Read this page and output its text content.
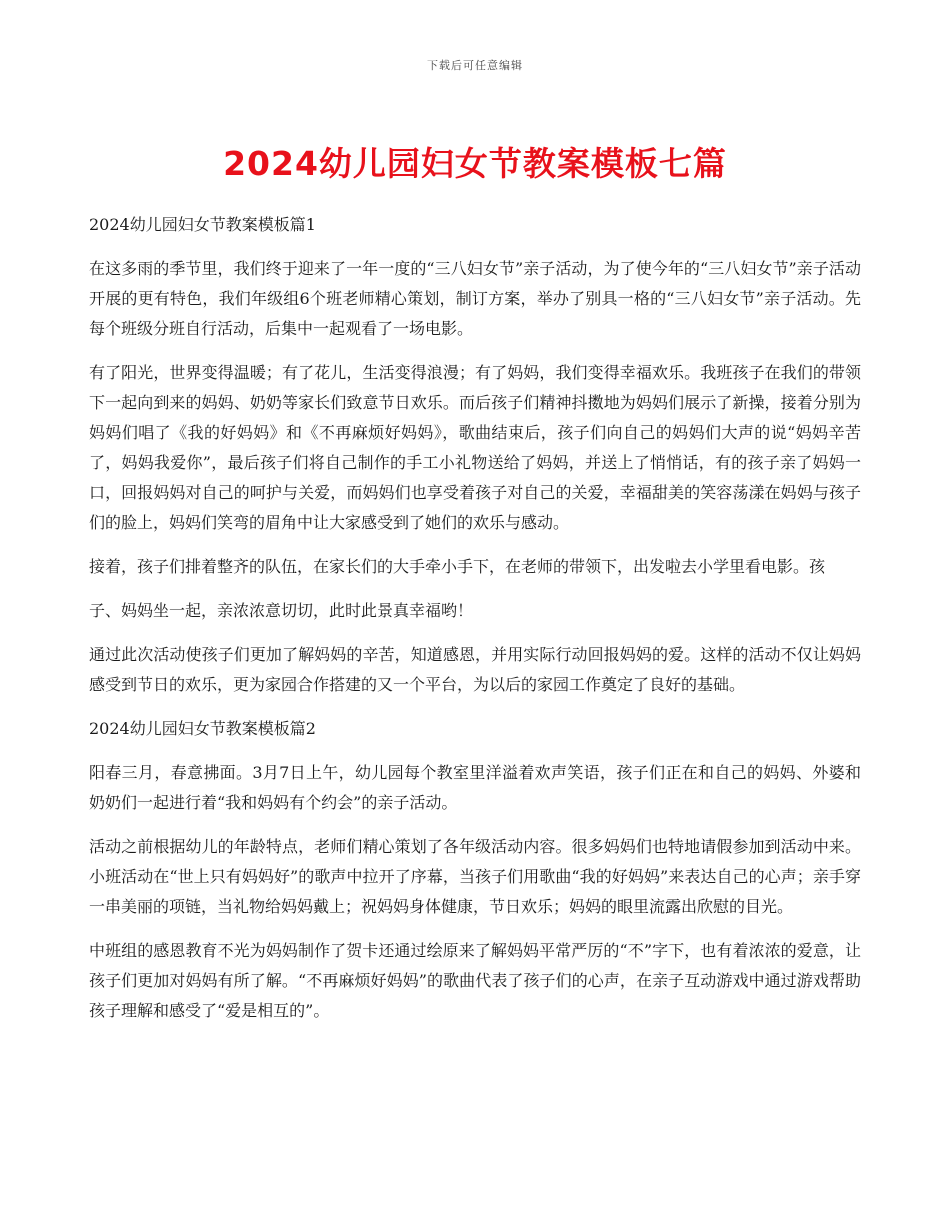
下载后可任意编辑
2024幼儿园妇女节教案模板七篇
2024幼儿园妇女节教案模板篇1

在这多雨的季节里，我们终于迎来了一年一度的“三八妇女节”亲子活动，为了使今年的“三八妇女节”亲子活动开展的更有特色，我们年级组6个班老师精心策划，制订方案，举办了别具一格的“三八妇女节”亲子活动。先每个班级分班自行活动，后集中一起观看了一场电影。

有了阳光，世界变得温暖；有了花儿，生活变得浪漫；有了妈妈，我们变得幸福欢乐。我班孩子在我们的带领下一起向到来的妈妈、奶奶等家长们致意节日欢乐。而后孩子们精神抖擞地为妈妈们展示了新操，接着分别为妈妈们唱了《我的好妈妈》和《不再麻烦好妈妈》，歌曲结束后，孩子们向自己的妈妈们大声的说“妈妈辛苦了，妈妈我爱你”，最后孩子们将自己制作的手工小礼物送给了妈妈，并送上了悄悄话，有的孩子亲了妈妈一口，回报妈妈对自己的呵护与关爱，而妈妈们也享受着孩子对自己的关爱，幸福甜美的笑容荡漾在妈妈与孩子们的脸上，妈妈们笑弯的眉角中让大家感受到了她们的欢乐与感动。

接着，孩子们排着整齐的队伍，在家长们的大手牵小手下，在老师的带领下，出发啦去小学里看电影。孩

子、妈妈坐一起，亲浓浓意切切，此时此景真幸福哟！

通过此次活动使孩子们更加了解妈妈的辛苦，知道感恩，并用实际行动回报妈妈的爱。这样的活动不仅让妈妈感受到节日的欢乐，更为家园合作搭建的又一个平台，为以后的家园工作奠定了良好的基础。

2024幼儿园妇女节教案模板篇2

阳春三月，春意拂面。3月7日上午，幼儿园每个教室里洋溢着欢声笑语，孩子们正在和自己的妈妈、外婆和奶奶们一起进行着“我和妈妈有个约会”的亲子活动。

活动之前根据幼儿的年龄特点，老师们精心策划了各年级活动内容。很多妈妈们也特地请假参加到活动中来。小班活动在“世上只有妈妈好”的歌声中拉开了序幕，当孩子们用歌曲“我的好妈妈”来表达自己的心声；亲手穿一串美丽的项链，当礼物给妈妈戴上；祝妈妈身体健康，节日欢乐；妈妈的眼里流露出欣慰的目光。

中班组的感恩教育不光为妈妈制作了贺卡还通过绘原来了解妈妈平常严厉的“不”字下，也有着浓浓的爱意，让孩子们更加对妈妈有所了解。“不再麻烦好妈妈”的歌曲代表了孩子们的心声，在亲子互动游戏中通过游戏帮助孩子理解和感受了“爱是相互的”。
